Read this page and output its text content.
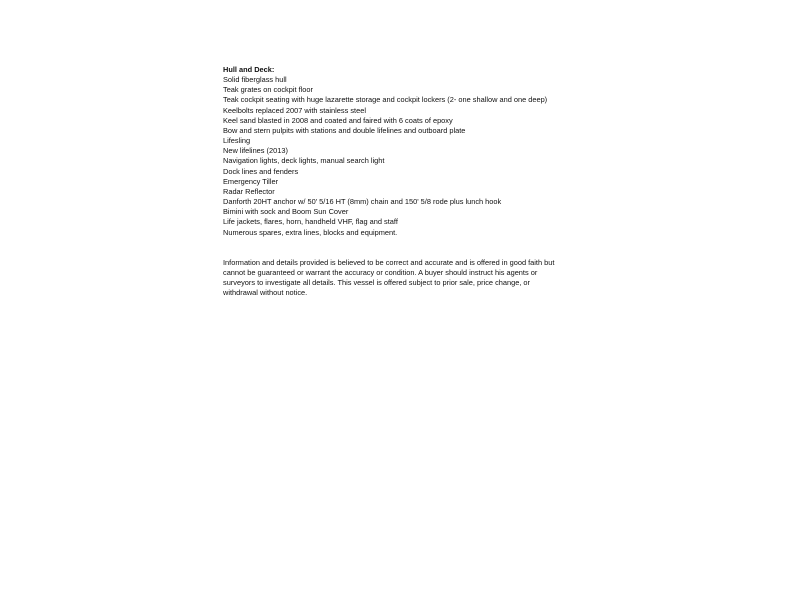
Hull and Deck:
Solid fiberglass hull
Teak grates on cockpit floor
Teak cockpit seating with huge lazarette storage and cockpit lockers (2- one shallow and one deep)
Keelbolts replaced 2007 with stainless steel
Keel sand blasted in 2008 and coated and faired with 6 coats of epoxy
Bow and stern pulpits with stations and double lifelines and outboard plate
Lifesling
New lifelines (2013)
Navigation lights, deck lights, manual search light
Dock lines and fenders
Emergency Tiller
Radar Reflector
Danforth 20HT anchor w/ 50' 5/16 HT (8mm) chain and 150' 5/8 rode plus lunch hook
Bimini with sock and Boom Sun Cover
Life jackets, flares, horn, handheld VHF, flag and staff
Numerous spares, extra lines, blocks and equipment.
Information and details provided is believed to be correct and accurate and is offered in good faith but
cannot be guaranteed or warrant the accuracy or condition. A buyer should instruct his agents or
surveyors to investigate all details. This vessel is offered subject to prior sale, price change, or
withdrawal without notice.
